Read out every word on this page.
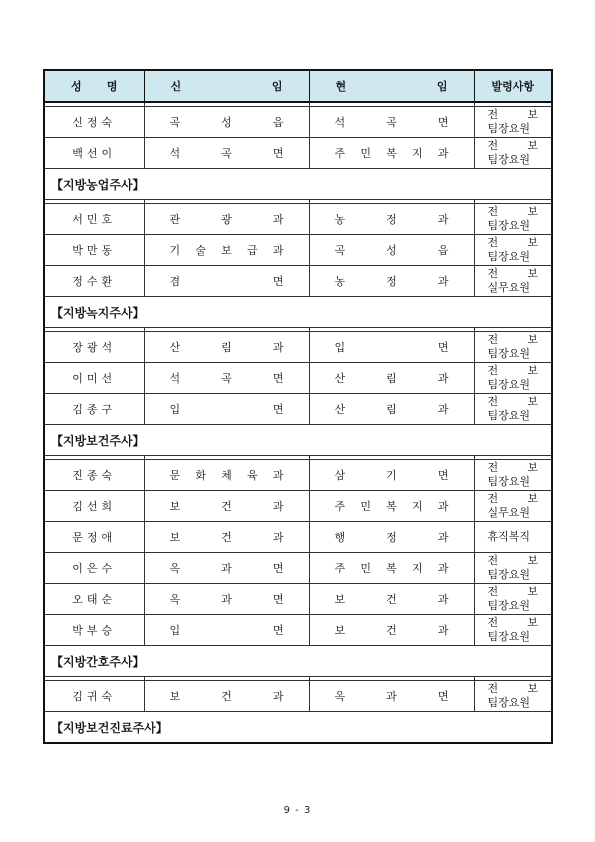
성 명	신 임	현 임	발령사항

신정숙	곡 성 읍	석 곡 면	전 보
팀장요원

백선이	석 곡 면	주 민 복 지 과	전 보
팀장요원

【지방농업주사】			

서민호	관 광 과	농 정 과	전 보
팀장요원

박만동	기 술 보 급 과	곡 성 읍	전 보
팀장요원

정수환	겸 면	농 정 과	전 보
실무요원

【지방녹지주사】			

장광석	산 림 과	입 면	전 보
팀장요원

이미선	석 곡 면	산 림 과	전 보
팀장요원

김종구	입 면	산 림 과	전 보
팀장요원

【지방보건주사】			

진종숙	문 화 체 육 과	삼 기 면	전 보
팀장요원

김선희	보 건 과	주 민 복 지 과	전 보
실무요원

문정애	보 건 과	행 정 과	휴직복직

이은수	옥 과 면	주 민 복 지 과	전 보
팀장요원

오태순	옥 과 면	보 건 과	전 보
팀장요원

박부승	입 면	보 건 과	전 보
팀장요원

【지방간호주사】			

김귀숙	보 건 과	옥 과 면	전 보
팀장요원

【지방보건진료주사】			
9 - 3
